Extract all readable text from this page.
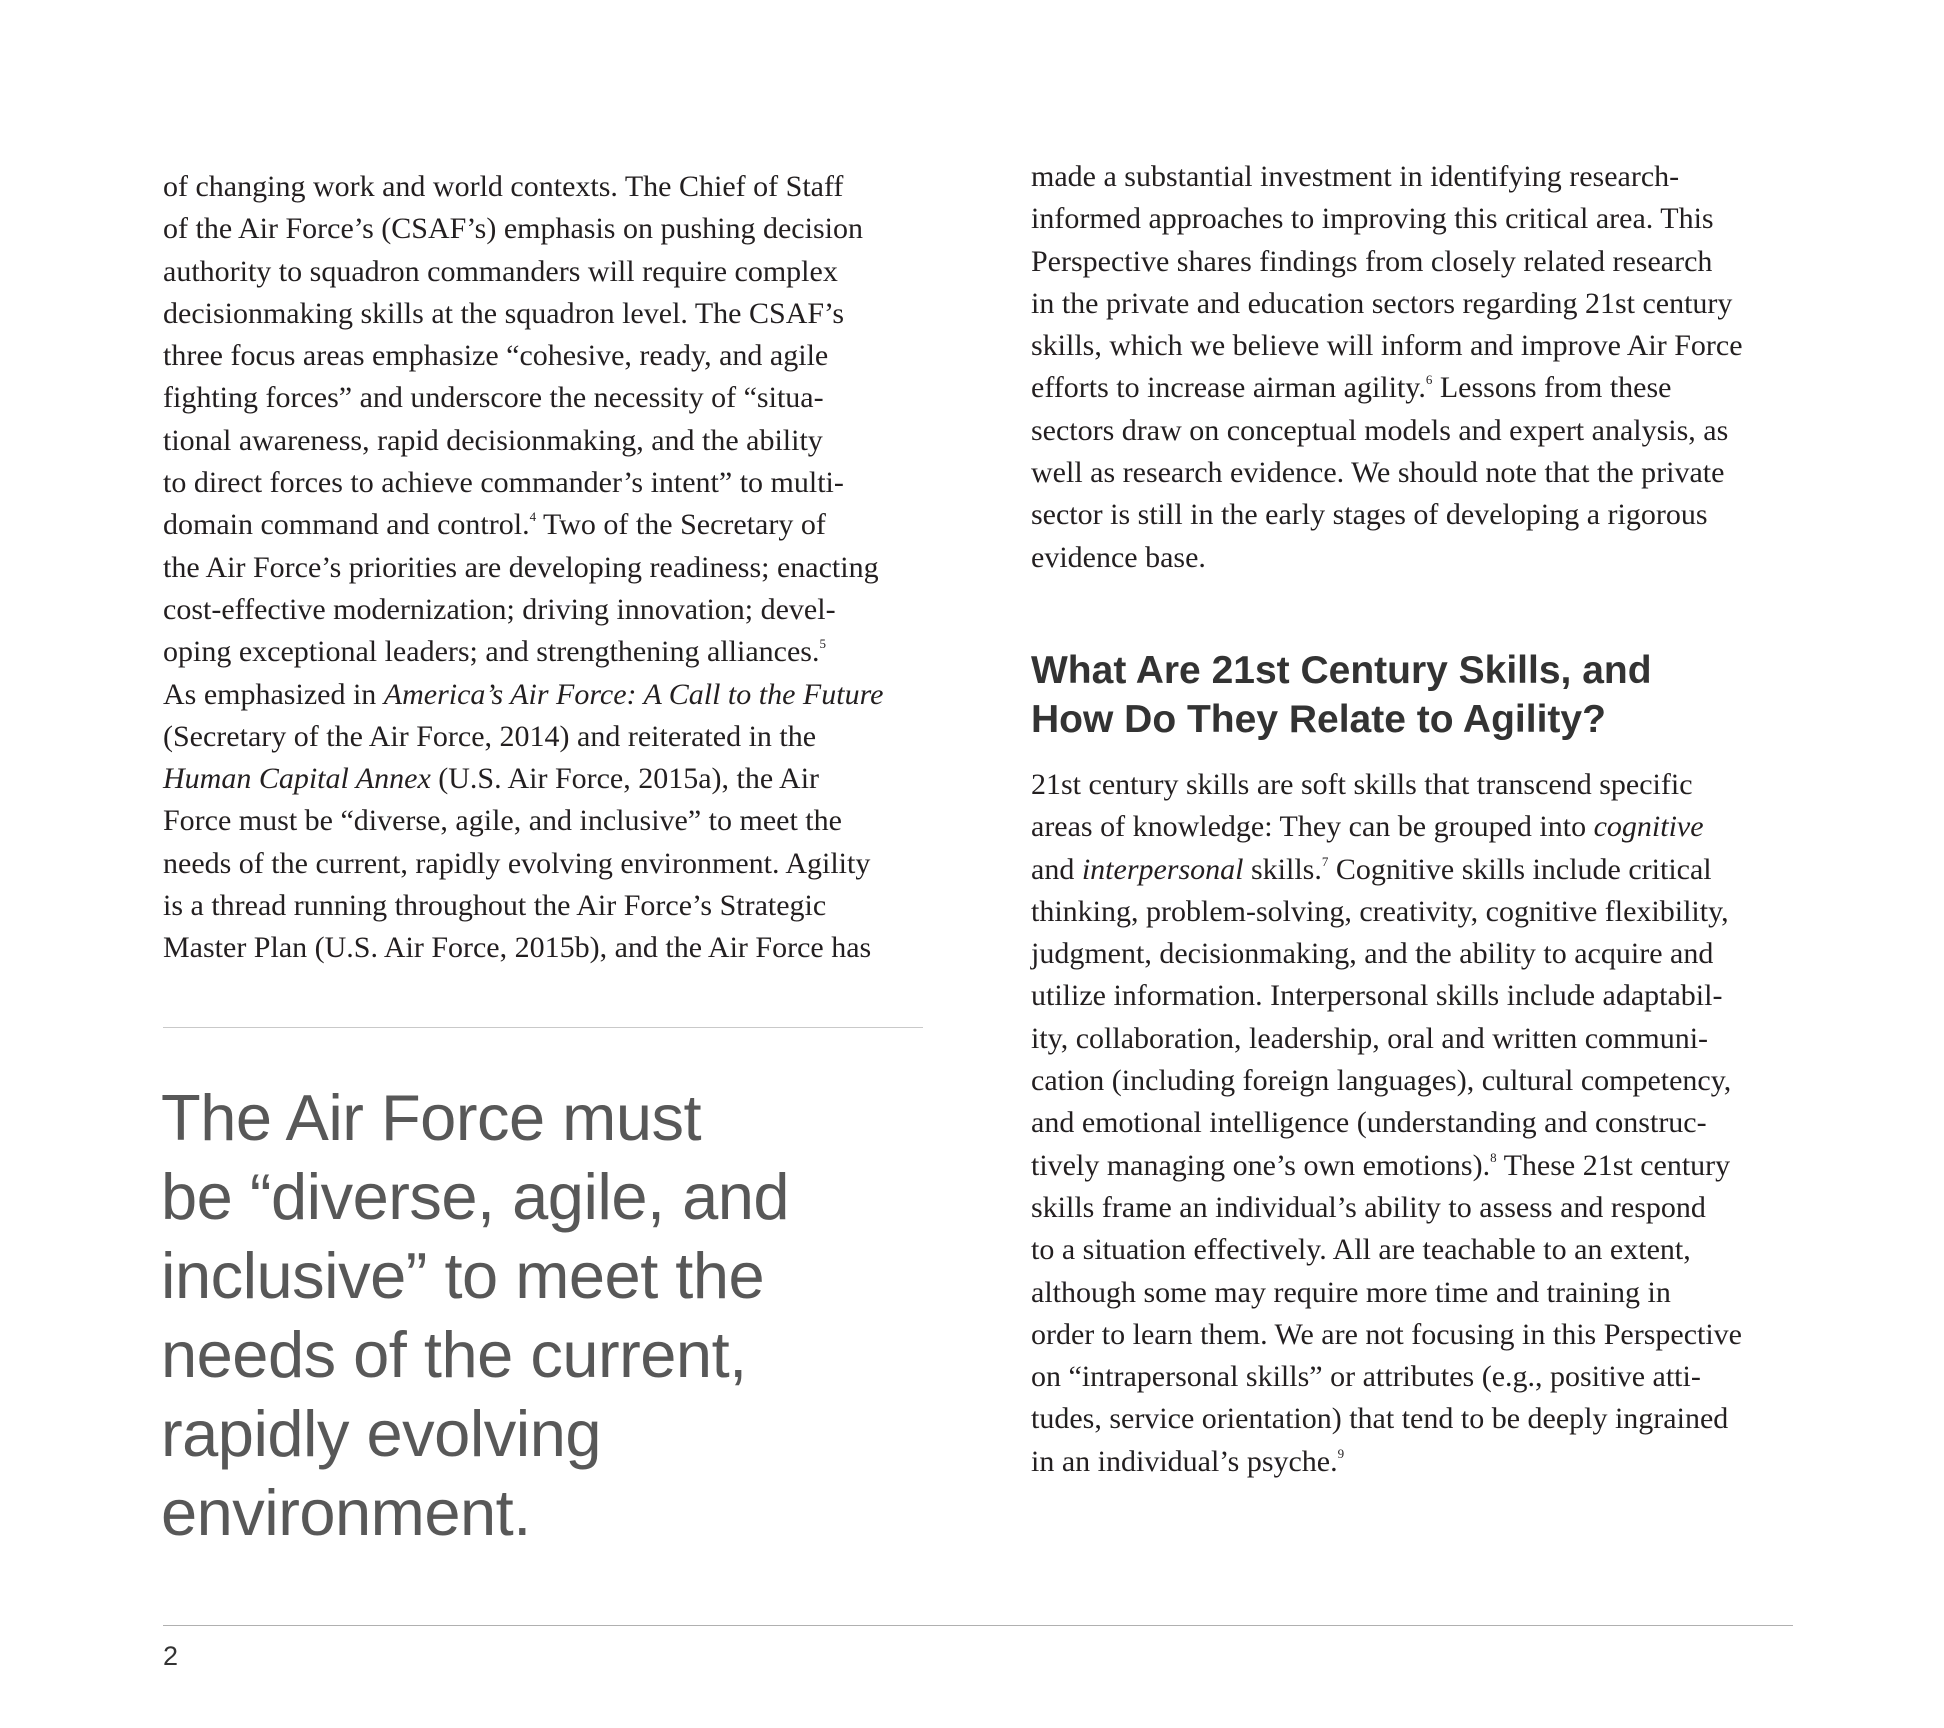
of changing work and world contexts. The Chief of Staff
of the Air Force’s (CSAF’s) emphasis on pushing decision
authority to squadron commanders will require complex
decisionmaking skills at the squadron level. The CSAF’s
three focus areas emphasize “cohesive, ready, and agile
fighting forces” and underscore the necessity of “situa-
tional awareness, rapid decisionmaking, and the ability
to direct forces to achieve commander’s intent” to multi-
domain command and control.$^4$ Two of the Secretary of
the Air Force’s priorities are developing readiness; enacting
cost-effective modernization; driving innovation; devel-
oping exceptional leaders; and strengthening alliances.$^5$
As emphasized in America’s Air Force: A Call to the Future
(Secretary of the Air Force, 2014) and reiterated in the
Human Capital Annex (U.S. Air Force, 2015a), the Air
Force must be “diverse, agile, and inclusive” to meet the
needs of the current, rapidly evolving environment. Agility
is a thread running throughout the Air Force’s Strategic
Master Plan (U.S. Air Force, 2015b), and the Air Force has

The Air Force must
be “diverse, agile, and
inclusive” to meet the
needs of the current,
rapidly evolving
environment.

made a substantial investment in identifying research-
informed approaches to improving this critical area. This
Perspective shares findings from closely related research
in the private and education sectors regarding 21st century
skills, which we believe will inform and improve Air Force
efforts to increase airman agility.$^6$ Lessons from these
sectors draw on conceptual models and expert analysis, as
well as research evidence. We should note that the private
sector is still in the early stages of developing a rigorous
evidence base.

What Are 21st Century Skills, and
How Do They Relate to Agility?

21st century skills are soft skills that transcend specific
areas of knowledge: They can be grouped into cognitive
and interpersonal skills.$^7$ Cognitive skills include critical
thinking, problem-solving, creativity, cognitive flexibility,
judgment, decisionmaking, and the ability to acquire and
utilize information. Interpersonal skills include adaptabil-
ity, collaboration, leadership, oral and written communi-
cation (including foreign languages), cultural competency,
and emotional intelligence (understanding and construc-
tively managing one’s own emotions).$^8$ These 21st century
skills frame an individual’s ability to assess and respond
to a situation effectively. All are teachable to an extent,
although some may require more time and training in
order to learn them. We are not focusing in this Perspective
on “intrapersonal skills” or attributes (e.g., positive atti-
tudes, service orientation) that tend to be deeply ingrained
in an individual’s psyche.$^9$

2
